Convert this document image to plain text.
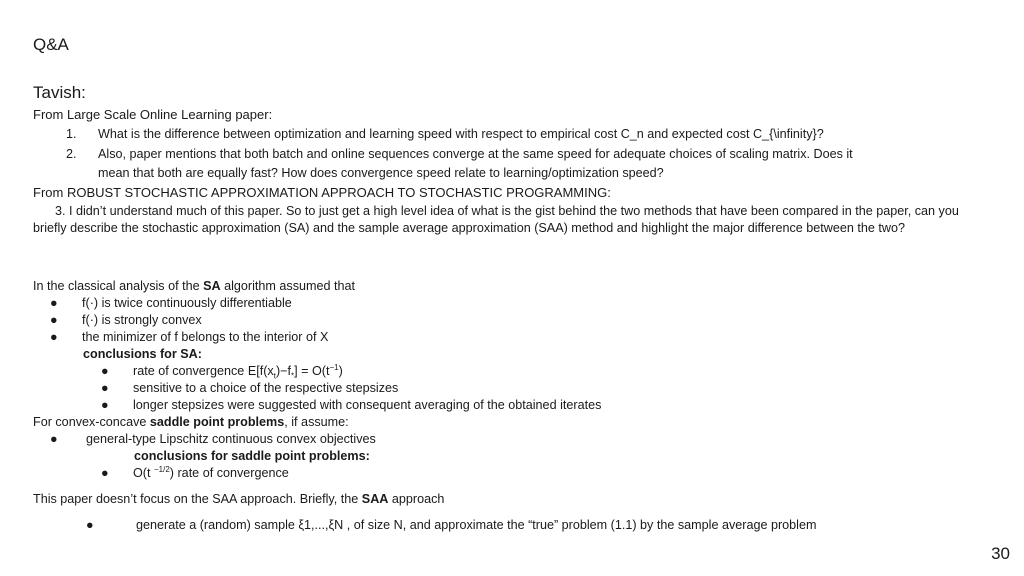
Q&A
Tavish:
From Large Scale Online Learning paper:
1. What is the difference between optimization and learning speed with respect to empirical cost C_n and expected cost C_{\infinity}?
2. Also, paper mentions that both batch and online sequences converge at the same speed for adequate choices of scaling matrix. Does it
mean that both are equally fast? How does convergence speed relate to learning/optimization speed?
From ROBUST STOCHASTIC APPROXIMATION APPROACH TO STOCHASTIC PROGRAMMING:
3. I didn’t understand much of this paper. So to just get a high level idea of what is the gist behind the two methods that have been compared in the paper, can you briefly describe the stochastic approximation (SA) and the sample average approximation (SAA) method and highlight the major difference between the two?
In the classical analysis of the SA algorithm assumed that
● f(·) is twice continuously differentiable
● f(·) is strongly convex
● the minimizer of f belongs to the interior of X
conclusions for SA:
● rate of convergence $E[f(x_t)-f_*] = O(t^{-1})$
● sensitive to a choice of the respective stepsizes
● longer stepsizes were suggested with consequent averaging of the obtained iterates
For convex-concave saddle point problems, if assume:
● general-type Lipschitz continuous convex objectives
conclusions for saddle point problems:
● O(t $^{-1/2}$) rate of convergence
This paper doesn’t focus on the SAA approach. Briefly, the SAA approach
●	generate a (random) sample ξ1,...,ξN , of size N, and approximate the “true” problem (1.1) by the sample average problem
30
